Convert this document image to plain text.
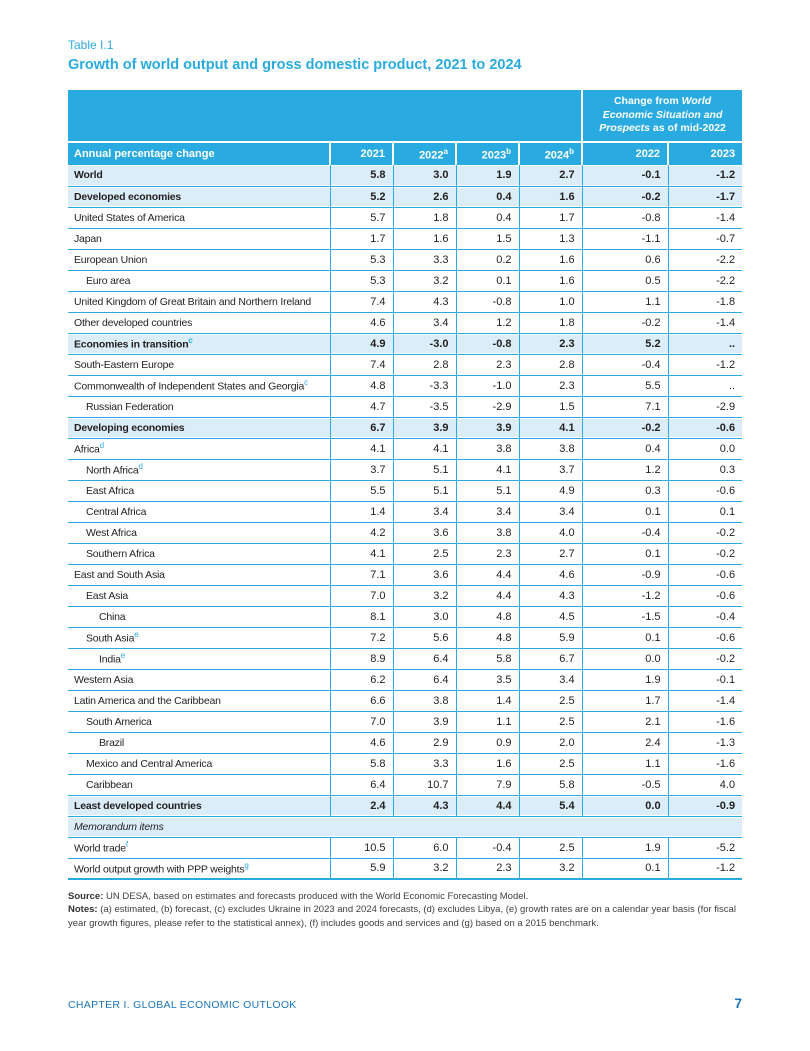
Table I.1
Growth of world output and gross domestic product, 2021 to 2024
					Change from World Economic Situation and Prospects as of mid-2022	
Annual percentage change	2021	2022$^a$	2023$^b$	2024$^b$	2022	2023
World	5.8	3.0	1.9	2.7	-0.1	-1.2
Developed economies	5.2	2.6	0.4	1.6	-0.2	-1.7
United States of America	5.7	1.8	0.4	1.7	-0.8	-1.4
Japan	1.7	1.6	1.5	1.3	-1.1	-0.7
European Union	5.3	3.3	0.2	1.6	0.6	-2.2
Euro area	5.3	3.2	0.1	1.6	0.5	-2.2
United Kingdom of Great Britain and Northern Ireland	7.4	4.3	-0.8	1.0	1.1	-1.8
Other developed countries	4.6	3.4	1.2	1.8	-0.2	-1.4
Economies in transition$^c$	4.9	-3.0	-0.8	2.3	5.2	..
South-Eastern Europe	7.4	2.8	2.3	2.8	-0.4	-1.2
Commonwealth of Independent States and Georgia$^c$	4.8	-3.3	-1.0	2.3	5.5	..
Russian Federation	4.7	-3.5	-2.9	1.5	7.1	-2.9
Developing economies	6.7	3.9	3.9	4.1	-0.2	-0.6
Africa$^d$	4.1	4.1	3.8	3.8	0.4	0.0
North Africa$^d$	3.7	5.1	4.1	3.7	1.2	0.3
East Africa	5.5	5.1	5.1	4.9	0.3	-0.6
Central Africa	1.4	3.4	3.4	3.4	0.1	0.1
West Africa	4.2	3.6	3.8	4.0	-0.4	-0.2
Southern Africa	4.1	2.5	2.3	2.7	0.1	-0.2
East and South Asia	7.1	3.6	4.4	4.6	-0.9	-0.6
East Asia	7.0	3.2	4.4	4.3	-1.2	-0.6
China	8.1	3.0	4.8	4.5	-1.5	-0.4
South Asia$^e$	7.2	5.6	4.8	5.9	0.1	-0.6
India$^e$	8.9	6.4	5.8	6.7	0.0	-0.2
Western Asia	6.2	6.4	3.5	3.4	1.9	-0.1
Latin America and the Caribbean	6.6	3.8	1.4	2.5	1.7	-1.4
South America	7.0	3.9	1.1	2.5	2.1	-1.6
Brazil	4.6	2.9	0.9	2.0	2.4	-1.3
Mexico and Central America	5.8	3.3	1.6	2.5	1.1	-1.6
Caribbean	6.4	10.7	7.9	5.8	-0.5	4.0
Least developed countries	2.4	4.3	4.4	5.4	0.0	-0.9
Memorandum items						
World trade$^f$	10.5	6.0	-0.4	2.5	1.9	-5.2
World output growth with PPP weights$^g$	5.9	3.2	2.3	3.2	0.1	-1.2

Source: UN DESA, based on estimates and forecasts produced with the World Economic Forecasting Model.

Notes: (a) estimated, (b) forecast, (c) excludes Ukraine in 2023 and 2024 forecasts, (d) excludes Libya, (e) growth rates are on a calendar year basis (for fiscal year growth figures, please refer to the statistical annex), (f) includes goods and services and (g) based on a 2015 benchmark.

CHAPTER I. GLOBAL ECONOMIC OUTLOOK	7
